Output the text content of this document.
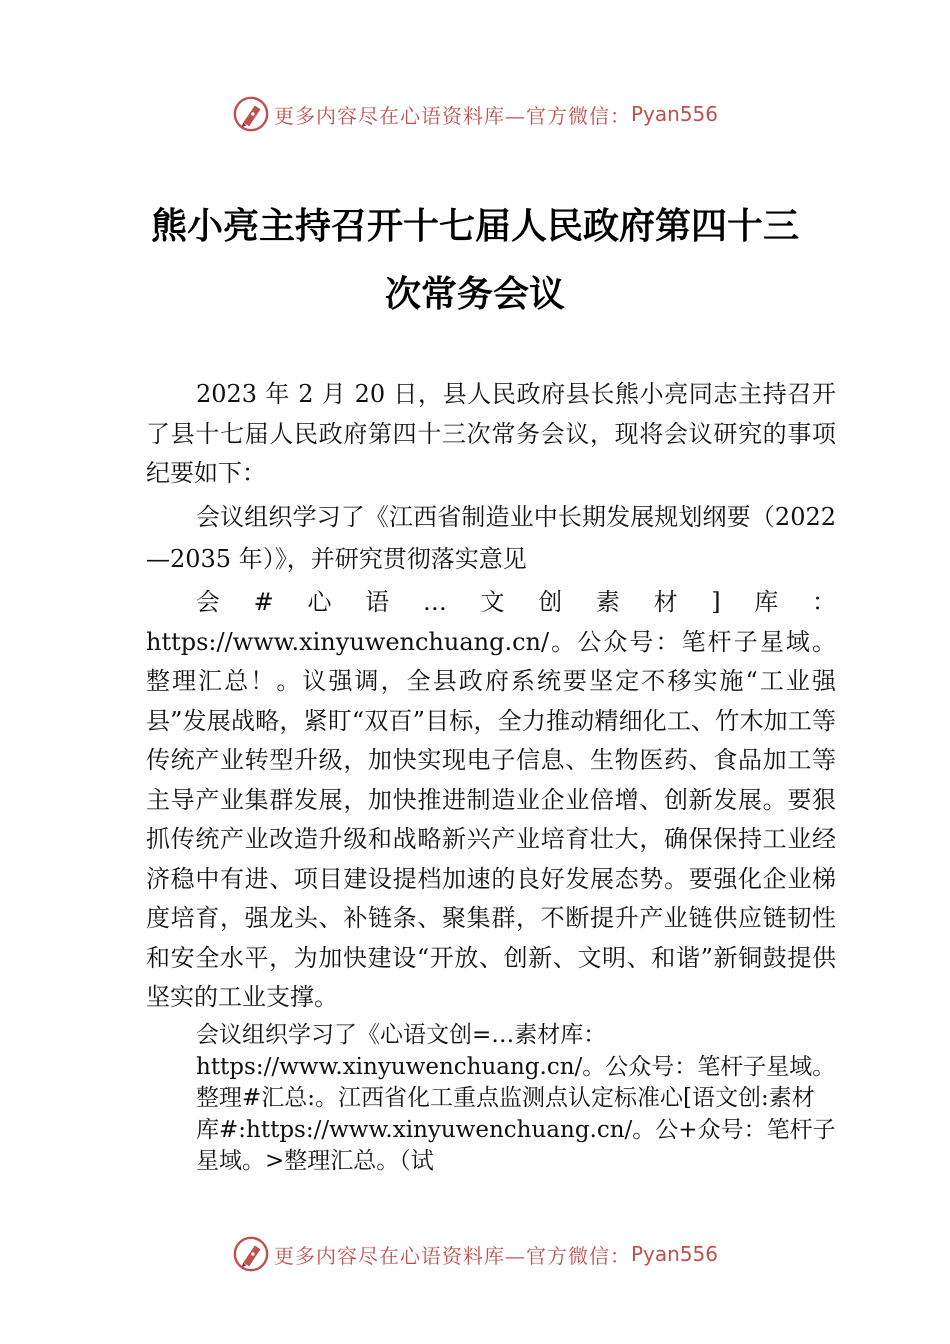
更多内容尽在心语资料库—官方微信： Pyan556
熊小亮主持召开十七届人民政府第四十三
次常务会议

2023 年 2 月 20 日，县人民政府县长熊小亮同志主持召开了县十七届人民政府第四十三次常务会议，现将会议研究的事项纪要如下：

会议组织学习了《江西省制造业中长期发展规划纲要（2022—2035 年）》，并研究贯彻落实意见

会#心语…文创素材]库：https://www.xinyuwenchuang.cn/。公众号：笔杆子星域。整理汇总！。议强调，全县政府系统要坚定不移实施“工业强县”发展战略，紧盯“双百”目标，全力推动精细化工、竹木加工等传统产业转型升级，加快实现电子信息、生物医药、食品加工等主导产业集群发展，加快推进制造业企业倍增、创新发展。要狠抓传统产业改造升级和战略新兴产业培育壮大，确保保持工业经济稳中有进、项目建设提档加速的良好发展态势。要强化企业梯度培育，强龙头、补链条、聚集群，不断提升产业链供应链韧性和安全水平，为加快建设“开放、创新、文明、和谐”新铜鼓提供坚实的工业支撑。

会议组织学习了《心语文创=…素材库：https://www.xinyuwenchuang.cn/。公众号：笔杆子星域。整理#汇总:。江西省化工重点监测点认定标准心[语文创:素材库#:https://www.xinyuwenchuang.cn/。公+众号：笔杆子星域。>整理汇总。（试

更多内容尽在心语资料库—官方微信： Pyan556
